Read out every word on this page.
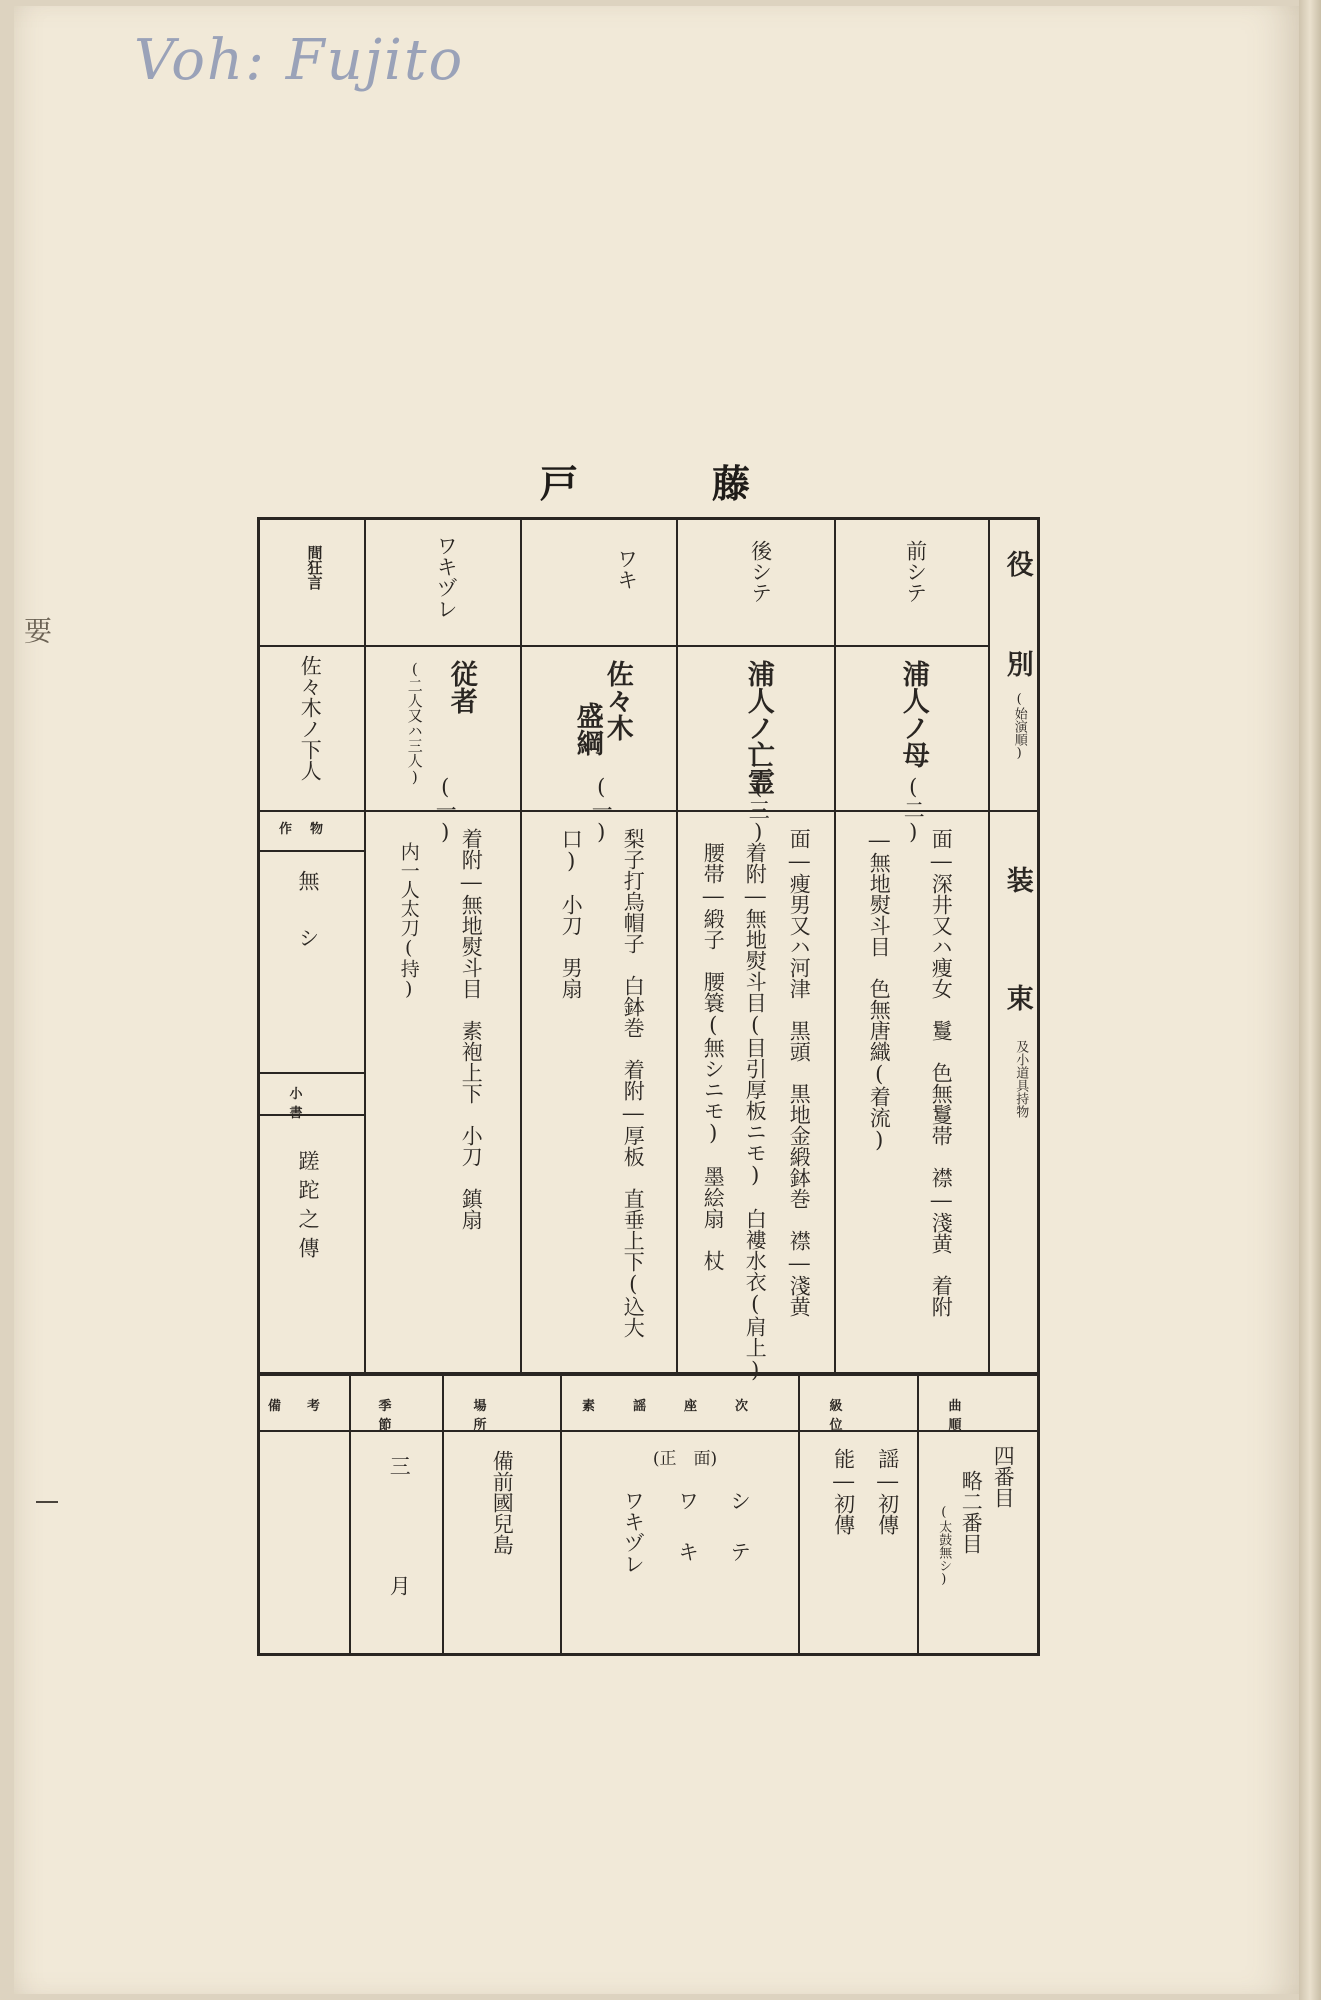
Voh: Fujito
要
戸	藤
役
別
(始演順)
装
束
及小道具持物
前シテ
後シテ
ワキ
ワキヅレ
間狂言
浦人ノ母
(二)
浦人ノ亡霊
(三)
佐々木
盛綱
(一)
従者
(二人又ハ三人)
(一)
佐々木ノ下人
面―深井又ハ痩女　鬘　色無鬘帯　襟―淺黄　着附
―無地熨斗目　色無唐織(着流)
面―痩男又ハ河津　黒頭　黒地金緞鉢巻　襟―淺黄
着附―無地熨斗目(目引厚板ニモ)　白褸水衣(肩上)
腰帯―緞子　腰簑(無シニモ)　墨絵扇　杖
梨子打烏帽子　白鉢巻　着附―厚板　直垂上下(込大
口)　小刀　男扇
着附―無地熨斗目　素袍上下　小刀　鎮扇
内一人太刀(持)
作物
無シ
小書
蹉跎之傳
曲順
級位
素謡座次
場所
季節
備考
四番目
略二番目
(太鼓無シ)
謡―初傳
能―初傳
(正　面)
シテ
ワキ
ワキヅレ
備前國兒島
三
月
